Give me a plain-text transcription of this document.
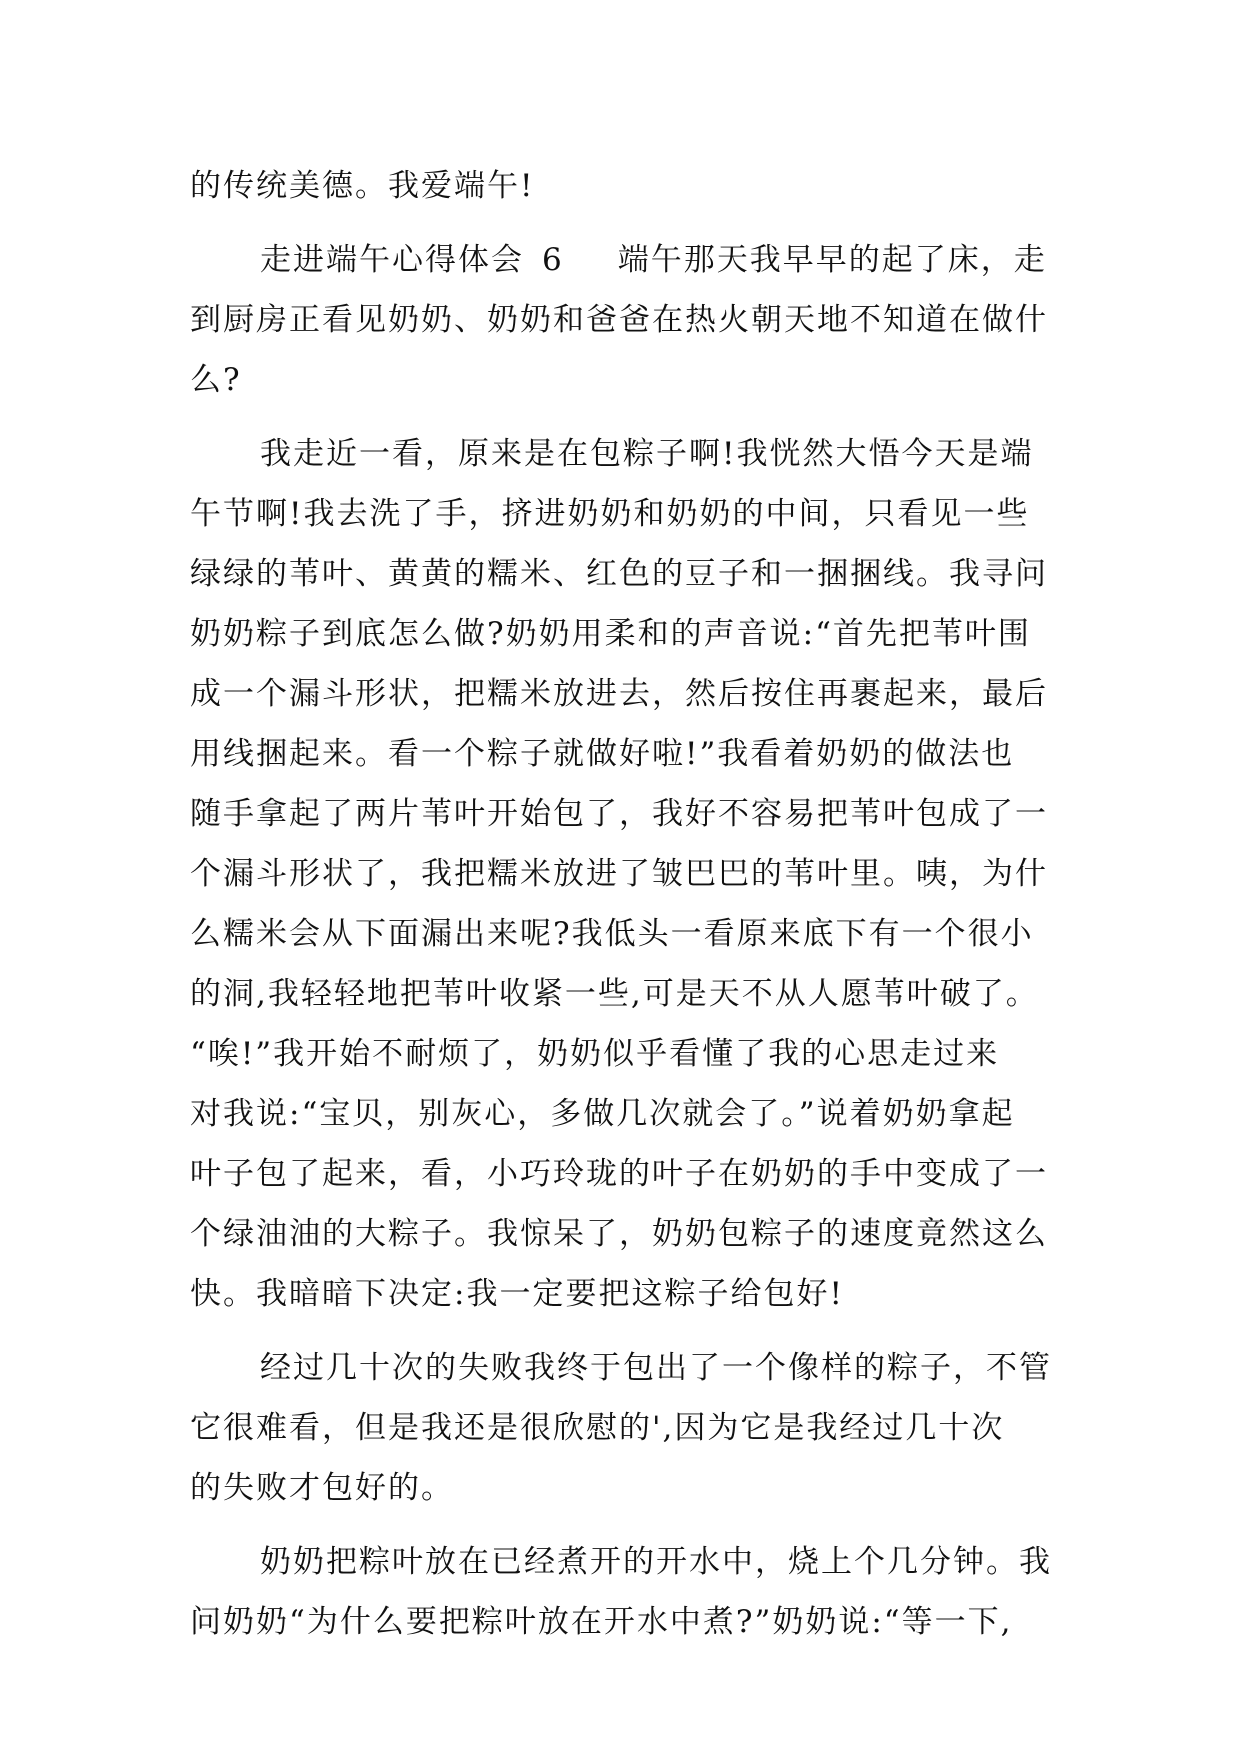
的传统美德。我爱端午!
走进端午心得体会 6 端午那天我早早的起了床，走
到厨房正看见奶奶、奶奶和爸爸在热火朝天地不知道在做什
么?
我走近一看，原来是在包粽子啊!我恍然大悟今天是端
午节啊!我去洗了手，挤进奶奶和奶奶的中间，只看见一些
绿绿的苇叶、黄黄的糯米、红色的豆子和一捆捆线。我寻问
奶奶粽子到底怎么做?奶奶用柔和的声音说:“首先把苇叶围
成一个漏斗形状，把糯米放进去，然后按住再裹起来，最后
用线捆起来。看一个粽子就做好啦!”我看着奶奶的做法也
随手拿起了两片苇叶开始包了，我好不容易把苇叶包成了一
个漏斗形状了，我把糯米放进了皱巴巴的苇叶里。咦，为什
么糯米会从下面漏出来呢?我低头一看原来底下有一个很小
的洞,我轻轻地把苇叶收紧一些,可是天不从人愿苇叶破了。
“唉!”我开始不耐烦了，奶奶似乎看懂了我的心思走过来
对我说:“宝贝，别灰心，多做几次就会了。”说着奶奶拿起
叶子包了起来，看，小巧玲珑的叶子在奶奶的手中变成了一
个绿油油的大粽子。我惊呆了，奶奶包粽子的速度竟然这么
快。我暗暗下决定:我一定要把这粽子给包好!
经过几十次的失败我终于包出了一个像样的粽子，不管
它很难看，但是我还是很欣慰的',因为它是我经过几十次
的失败才包好的。
奶奶把粽叶放在已经煮开的开水中，烧上个几分钟。我
问奶奶“为什么要把粽叶放在开水中煮?”奶奶说:“等一下,
